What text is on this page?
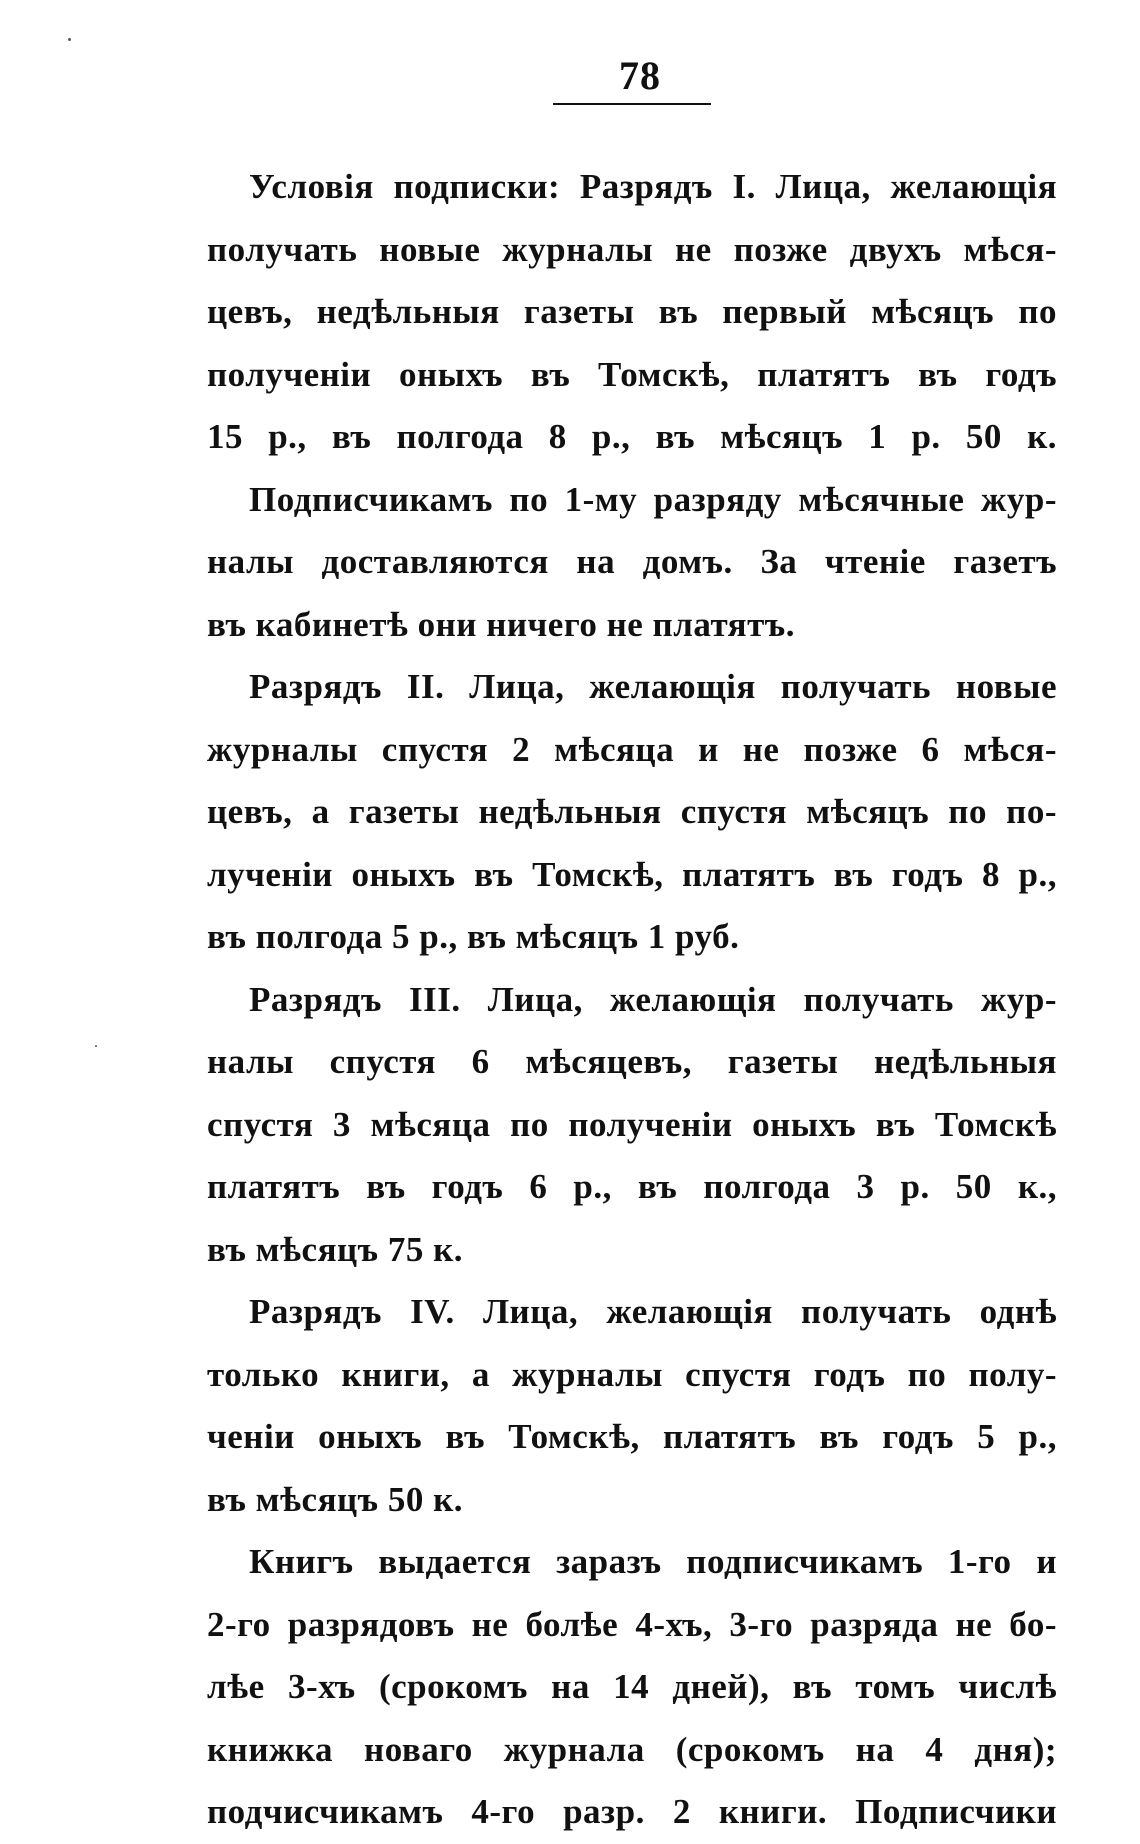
78
Условія подписки: Разрядъ I. Лица, желающія
получать новые журналы не позже двухъ мѣся-
цевъ, недѣльныя газеты въ первый мѣсяцъ по
полученіи оныхъ въ Томскѣ, платятъ въ годъ
15 р., въ полгода 8 р., въ мѣсяцъ 1 р. 50 к.
Подписчикамъ по 1-му разряду мѣсячные жур-
налы доставляются на домъ. За чтеніе газетъ
въ кабинетѣ они ничего не платятъ.
Разрядъ II. Лица, желающія получать новые
журналы спустя 2 мѣсяца и не позже 6 мѣся-
цевъ, а газеты недѣльныя спустя мѣсяцъ по по-
лученіи оныхъ въ Томскѣ, платятъ въ годъ 8 р.,
въ полгода 5 р., въ мѣсяцъ 1 руб.
Разрядъ III. Лица, желающія получать жур-
налы спустя 6 мѣсяцевъ, газеты недѣльныя
спустя 3 мѣсяца по полученіи оныхъ въ Томскѣ
платятъ въ годъ 6 р., въ полгода 3 р. 50 к.,
въ мѣсяцъ 75 к.
Разрядъ IV. Лица, желающія получать однѣ
только книги, а журналы спустя годъ по полу-
ченіи оныхъ въ Томскѣ, платятъ въ годъ 5 р.,
въ мѣсяцъ 50 к.
Книгъ выдается заразъ подписчикамъ 1-го и
2-го разрядовъ не болѣе 4-хъ, 3-го разряда не бо-
лѣе 3-хъ (срокомъ на 14 дней), въ томъ числѣ
книжка новаго журнала (срокомъ на 4 дня);
подчисчикамъ 4-го разр. 2 книги. Подписчики
